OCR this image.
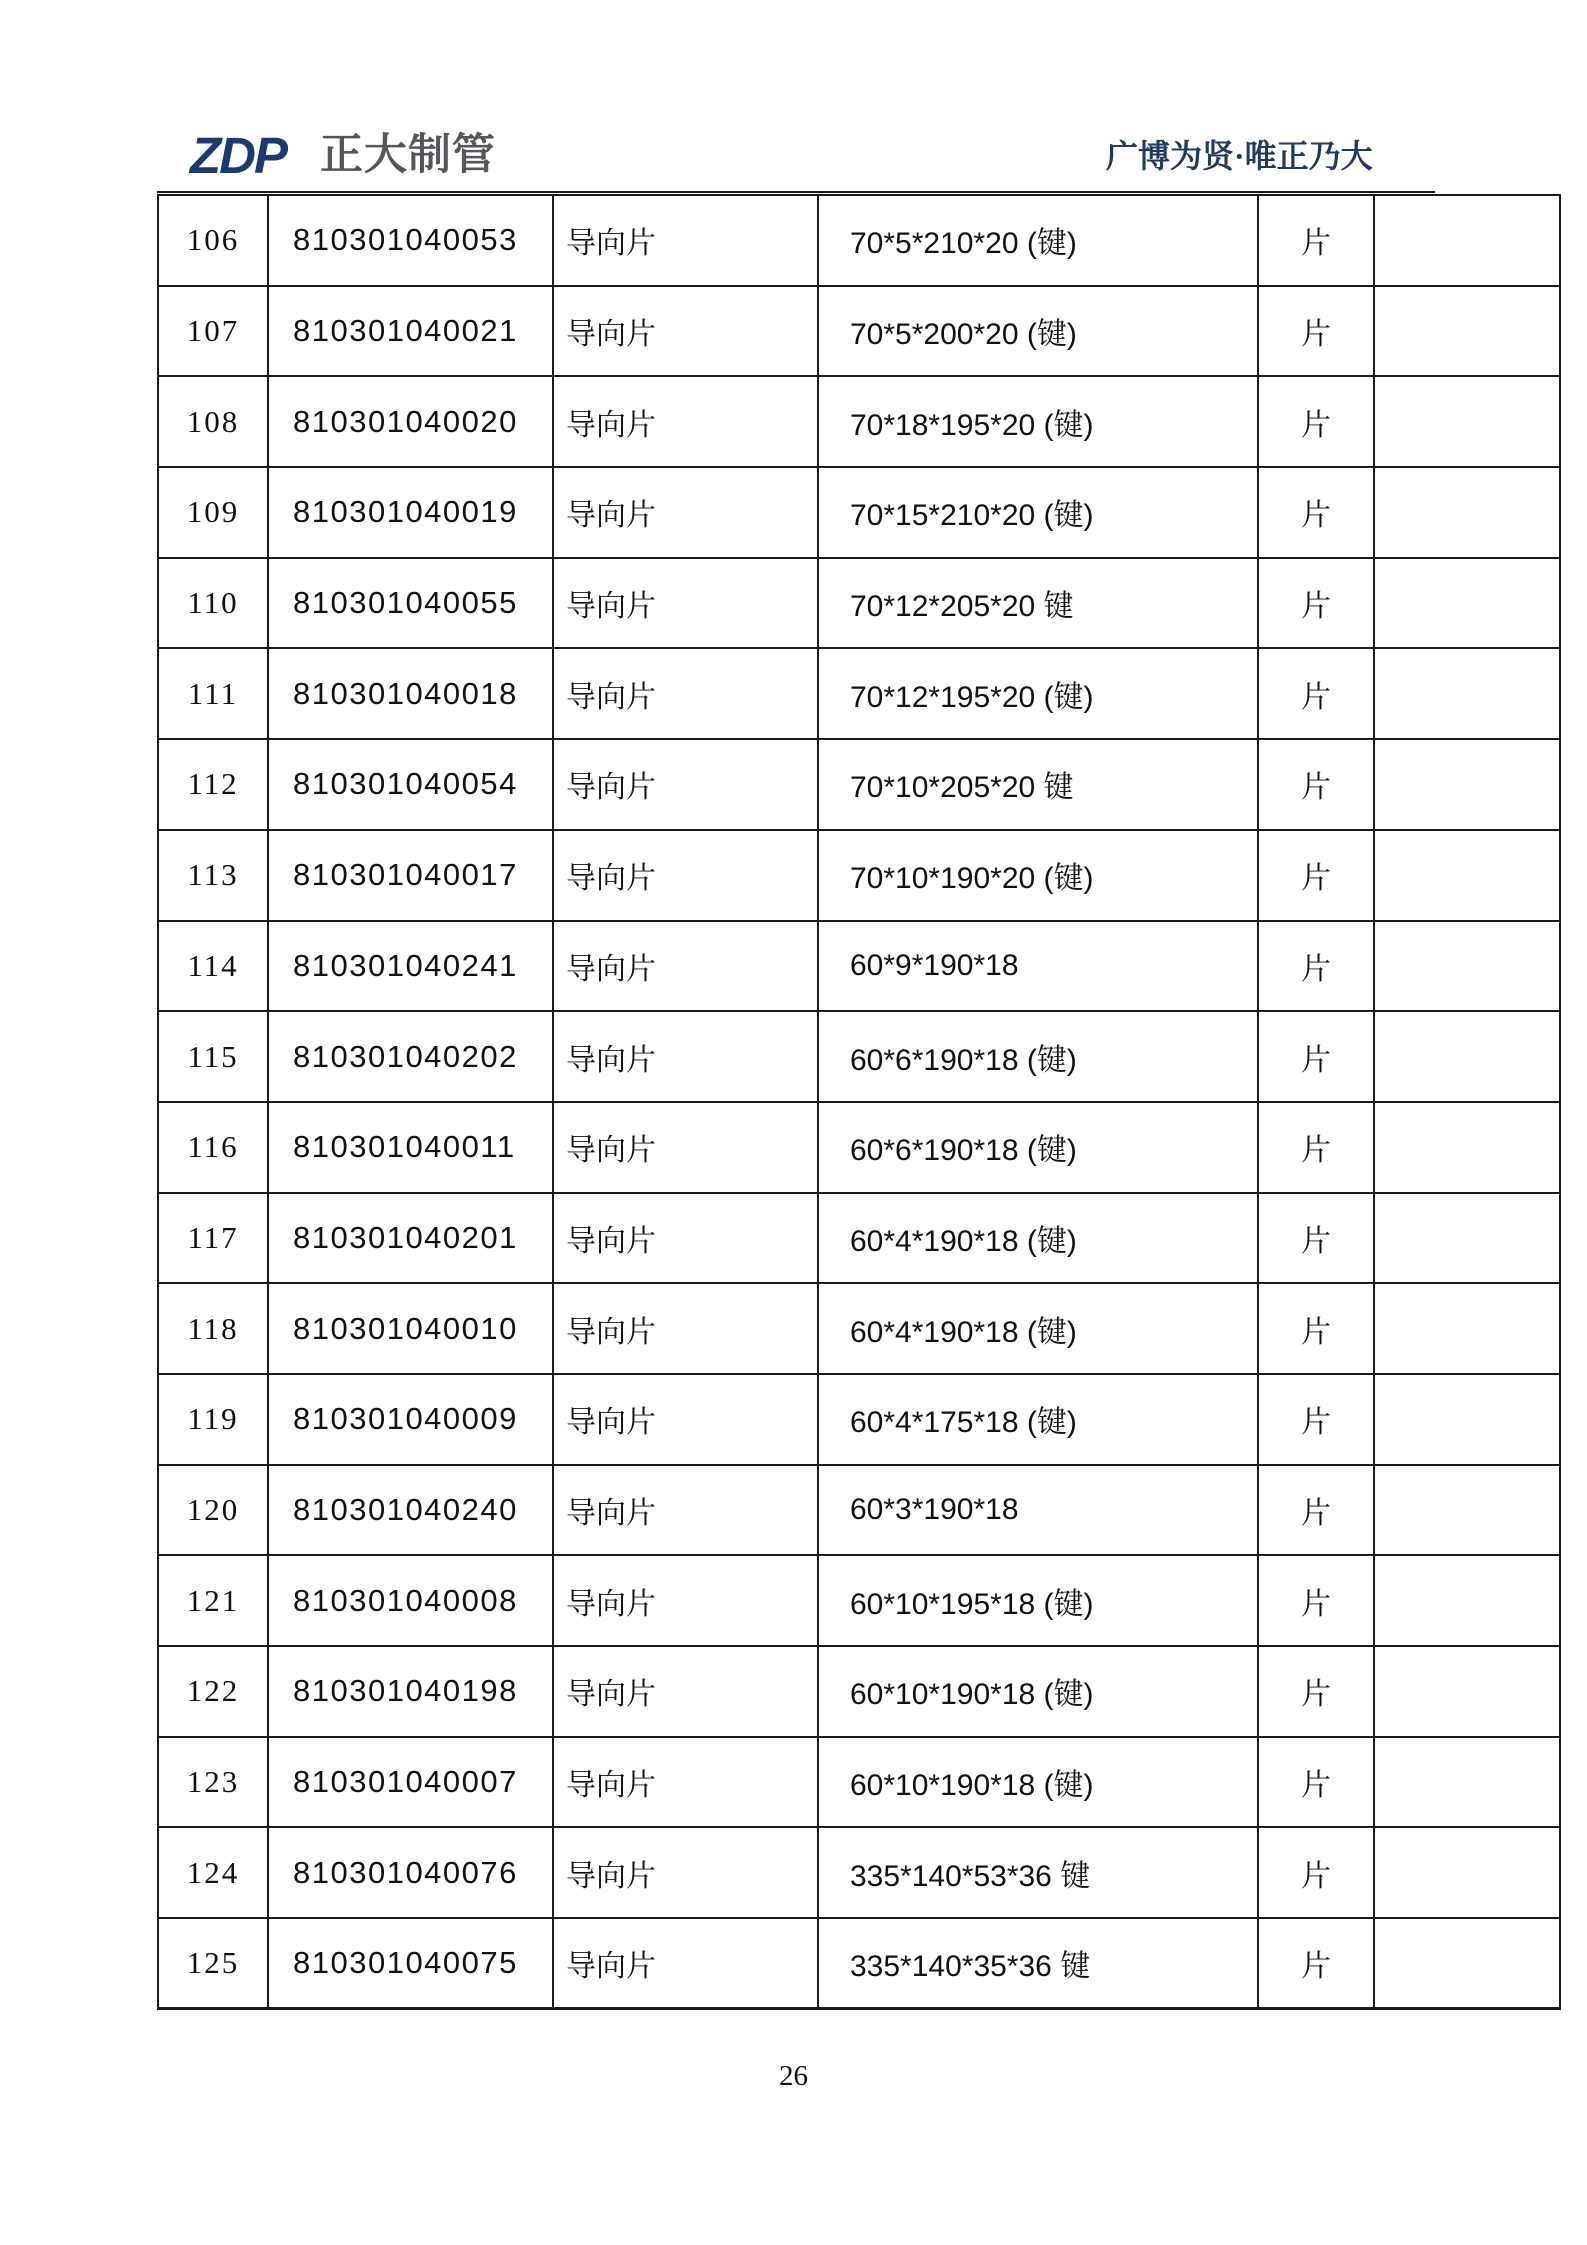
ZDP 正大制管	广博为贤·唯正乃大
106	810301040053	导向片	70*5*210*20 (键)	片	
107	810301040021	导向片	70*5*200*20 (键)	片	
108	810301040020	导向片	70*18*195*20 (键)	片	
109	810301040019	导向片	70*15*210*20 (键)	片	
110	810301040055	导向片	70*12*205*20 键	片	
111	810301040018	导向片	70*12*195*20 (键)	片	
112	810301040054	导向片	70*10*205*20 键	片	
113	810301040017	导向片	70*10*190*20 (键)	片	
114	810301040241	导向片	60*9*190*18	片	
115	810301040202	导向片	60*6*190*18 (键)	片	
116	810301040011	导向片	60*6*190*18 (键)	片	
117	810301040201	导向片	60*4*190*18 (键)	片	
118	810301040010	导向片	60*4*190*18 (键)	片	
119	810301040009	导向片	60*4*175*18 (键)	片	
120	810301040240	导向片	60*3*190*18	片	
121	810301040008	导向片	60*10*195*18 (键)	片	
122	810301040198	导向片	60*10*190*18 (键)	片	
123	810301040007	导向片	60*10*190*18 (键)	片	
124	810301040076	导向片	335*140*53*36 键	片	
125	810301040075	导向片	335*140*35*36 键	片	
26
